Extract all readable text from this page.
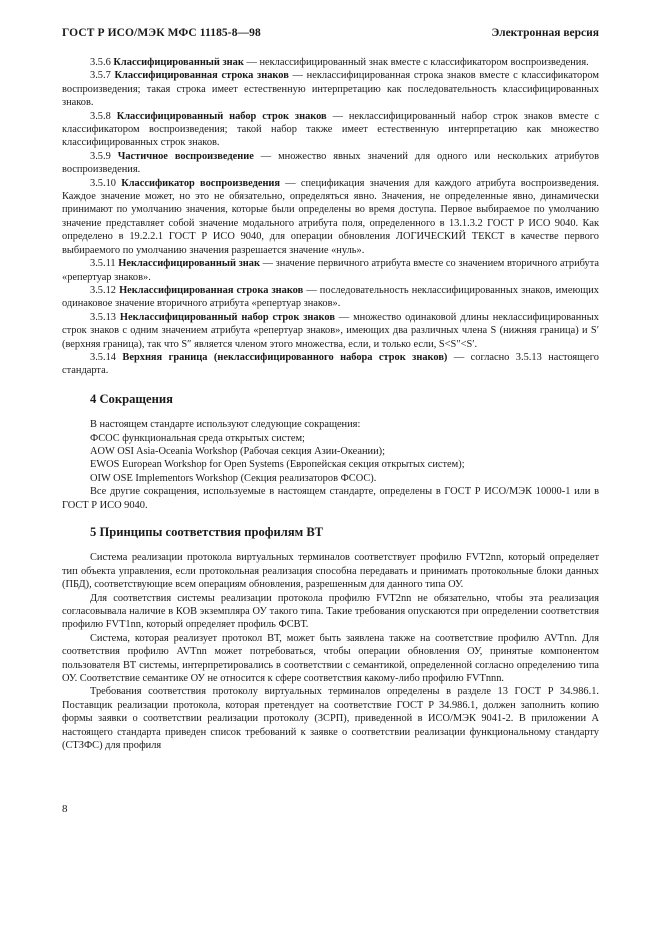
ГОСТ Р ИСО/МЭК МФС 11185-8—98	Электронная версия

3.5.6 Классифицированный знак — неклассифицированный знак вместе с классификатором воспроизведения.

3.5.7 Классифицированная строка знаков — неклассифицированная строка знаков вместе с классификатором воспроизведения; такая строка имеет естественную интерпретацию как последовательность классифицированных знаков.

3.5.8 Классифицированный набор строк знаков — неклассифицированный набор строк знаков вместе с классификатором воспроизведения; такой набор также имеет естественную интерпретацию как множество классифицированных строк знаков.

3.5.9 Частичное воспроизведение — множество явных значений для одного или нескольких атрибутов воспроизведения.

3.5.10 Классификатор воспроизведения — спецификация значения для каждого атрибута воспроизведения. Каждое значение может, но это не обязательно, определяться явно. Значения, не определенные явно, динамически принимают по умолчанию значения, которые были определены во время доступа. Первое выбираемое по умолчанию значение представляет собой значение модального атрибута поля, определенного в 13.1.3.2 ГОСТ Р ИСО 9040. Как определено в 19.2.2.1 ГОСТ Р ИСО 9040, для операции обновления ЛОГИЧЕСКИЙ ТЕКСТ в качестве первого выбираемого по умолчанию значения разрешается значение «нуль».

3.5.11 Неклассифицированный знак — значение первичного атрибута вместе со значением вторичного атрибута «репертуар знаков».

3.5.12 Неклассифицированная строка знаков — последовательность неклассифицированных знаков, имеющих одинаковое значение вторичного атрибута «репертуар знаков».

3.5.13 Неклассифицированный набор строк знаков — множество одинаковой длины неклассифицированных строк знаков с одним значением атрибута «репертуар знаков», имеющих два различных члена S (нижняя граница) и S′ (верхняя граница), так что S″ является членом этого множества, если, и только если, S<S″<S′.

3.5.14 Верхняя граница (неклассифицированного набора строк знаков) — согласно 3.5.13 настоящего стандарта.

4 Сокращения

В настоящем стандарте используют следующие сокращения:

ФСОС функциональная среда открытых систем;

AOW OSI Asia-Oceania Workshop (Рабочая секция Азии-Океании);

EWOS European Workshop for Open Systems (Европейская секция открытых систем);

OIW OSE Implementors Workshop (Секция реализаторов ФСОС).

Все другие сокращения, используемые в настоящем стандарте, определены в ГОСТ Р ИСО/МЭК 10000-1 или в ГОСТ Р ИСО 9040.

5 Принципы соответствия профилям ВТ

Система реализации протокола виртуальных терминалов соответствует профилю FVT2nn, который определяет тип объекта управления, если протокольная реализация способна передавать и принимать протокольные блоки данных (ПБД), соответствующие всем операциям обновления, разрешенным для данного типа ОУ.

Для соответствия системы реализации протокола профилю FVT2nn не обязательно, чтобы эта реализация согласовывала наличие в КОВ экземпляра ОУ такого типа. Такие требования опускаются при определении соответствия профилю FVT1nn, который определяет профиль ФСВТ.

Система, которая реализует протокол ВТ, может быть заявлена также на соответствие профилю AVTnn. Для соответствия профилю AVTnn может потребоваться, чтобы операции обновления ОУ, принятые компонентом пользователя ВТ системы, интерпретировались в соответствии с семантикой, определенной согласно определению типа ОУ. Соответствие семантике ОУ не относится к сфере соответствия какому-либо профилю FVTnnn.

Требования соответствия протоколу виртуальных терминалов определены в разделе 13 ГОСТ Р 34.986.1. Поставщик реализации протокола, которая претендует на соответствие ГОСТ Р 34.986.1, должен заполнить копию формы заявки о соответствии реализации протоколу (ЗСРП), приведенной в ИСО/МЭК 9041-2. В приложении А настоящего стандарта приведен список требований к заявке о соответствии реализации функциональному стандарту (СТЗФС) для профиля

8
